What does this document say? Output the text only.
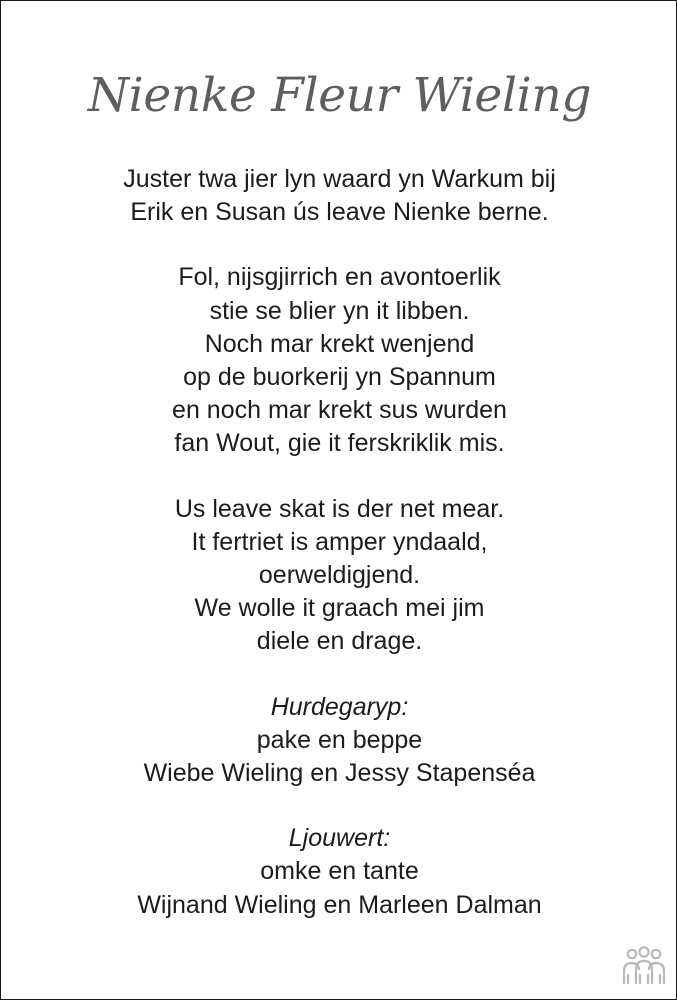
Nienke Fleur Wieling
Juster twa jier lyn waard yn Warkum bij
Erik en Susan ús leave Nienke berne.
Fol, nijsgjirrich en avontoerlik
stie se blier yn it libben.
Noch mar krekt wenjend
op de buorkerij yn Spannum
en noch mar krekt sus wurden
fan Wout, gie it ferskriklik mis.
Us leave skat is der net mear.
It fertriet is amper yndaald,
oerweldigjend.
We wolle it graach mei jim
diele en drage.
Hurdegaryp:
pake en beppe
Wiebe Wieling en Jessy Stapenséa
Ljouwert:
omke en tante
Wijnand Wieling en Marleen Dalman
